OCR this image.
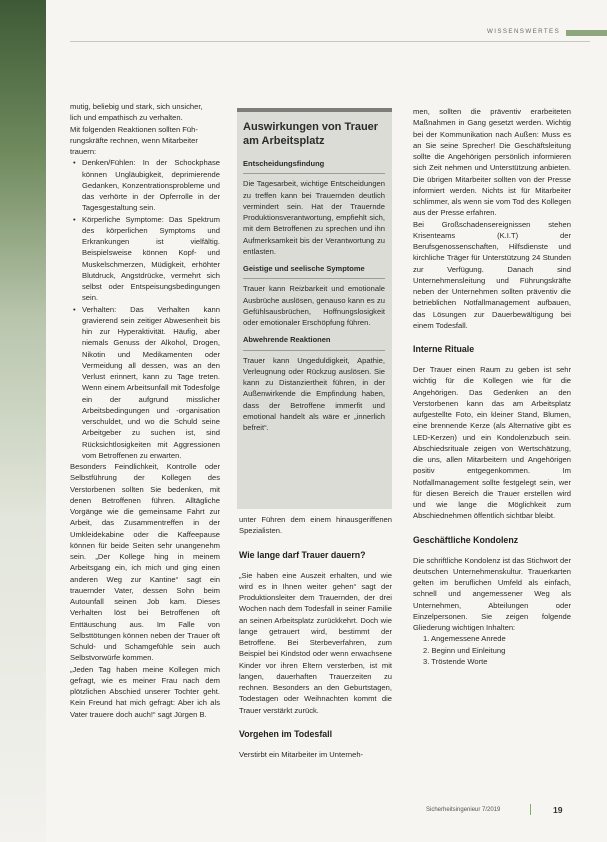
WISSENSWERTES

mutig, beliebig und stark, sich unsicher,

lich und empathisch zu verhalten.

Mit folgenden Reaktionen sollten Füh-

rungskräfte rechnen, wenn Mitarbeiter

trauern:

• Denken/Fühlen: In der Schockphase können Ungläubigkeit, deprimierende Gedanken, Konzentrationsprobleme und das verhörte in der Opferrolle in der Tagesgestaltung sein.
• Körperliche Symptome: Das Spektrum des körperlichen Symptoms und Erkrankungen ist vielfältig. Beispielsweise können Kopf- und Muskelschmerzen, Müdigkeit, erhöhter Blutdruck, Angstdrücke, vermehrt sich selbst oder Entspeisungsbedingungen sein.
• Verhalten: Das Verhalten kann gravierend sein zeitiger Abwesenheit bis hin zur Hyperaktivität. Häufig, aber niemals Genuss der Alkohol, Drogen, Nikotin und Medikamenten oder Vermeidung all dessen, was an den Verlust erinnert, kann zu Tage treten. Wenn einem Arbeitsunfall mit Todesfolge ein der aufgrund misslicher Arbeitsbedingungen und -organisation verschuldet, und wo die Schuld seine Arbeitgeber zu suchen ist, sind Rücksichtlosigkeiten mit Aggressionen vom Betroffenen zu erwarten.

Besonders Feindlichkeit, Kontrolle oder Selbstführung der Kollegen des Verstorbenen sollten Sie bedenken, mit denen Betroffenen führen. Alltägliche Vorgänge wie die gemeinsame Fahrt zur Arbeit, das Zusammentreffen in der Umkleidekabine oder die Kaffeepause können für beide Seiten sehr unangenehm sein. „Der Kollege hing in meinem Arbeitsgang ein, ich mich und ging einen anderen Weg zur Kantine“ sagt ein trauernder Vater, dessen Sohn beim Autounfall seinen Job kam. Dieses Verhalten löst bei Betroffenen oft Enttäuschung aus. Im Falle von Selbsttötungen können neben der Trauer oft Schuld- und Schamgefühle sein auch Selbstvorwürfe kommen.

„Jeden Tag haben meine Kollegen mich gefragt, wie es meiner Frau nach dem plötzlichen Abschied unserer Tochter geht. Kein Freund hat mich gefragt: Aber ich als Vater trauere doch auch!“ sagt Jürgen B.

Auswirkungen von Trauer am Arbeitsplatz
Entscheidungsfindung

Die Tagesarbeit, wichtige Entscheidungen zu treffen kann bei Trauernden deutlich vermindert sein. Hat der Trauernde Produktionsverantwortung, empfiehlt sich, mit dem Betroffenen zu sprechen und ihn Aufmerksamkeit bis der Verantwortung zu entlasten.

Geistige und seelische Symptome

Trauer kann Reizbarkeit und emotionale Ausbrüche auslösen, genauso kann es zu Gefühlsausbrüchen, Hoffnungslosigkeit oder emotionaler Erschöpfung führen.

Abwehrende Reaktionen

Trauer kann Ungeduldigkeit, Apathie, Verleugnung oder Rückzug auslösen. Sie kann zu Distanziertheit führen, in der Außenwirkende die Empfindung haben, dass der Betroffene immerfit und emotional handelt als wäre er „innerlich befreit“.

unter Führen dem einem hinausgeriffenen Spezialisten.

Wie lange darf Trauer dauern?

„Sie haben eine Auszeit erhalten, und wie wird es in Ihnen weiter gehen“ sagt der Produktionsleiter dem Trauernden, der drei Wochen nach dem Todesfall in seiner Familie an seinen Arbeitsplatz zurückkehrt. Doch wie lange getrauert wird, bestimmt der Betroffene. Bei Sterbeverfahren, zum Beispiel bei Kindstod oder wenn erwachsene Kinder vor ihren Eltern versterben, ist mit langen, dauerhaften Trauerzeiten zu rechnen. Besonders an den Geburtstagen, Todestagen oder Weihnachten kommt die Trauer verstärkt zurück.

Vorgehen im Todesfall

Verstirbt ein Mitarbeiter im Unterneh-

men, sollten die präventiv erarbeiteten Maßnahmen in Gang gesetzt werden. Wichtig bei der Kommunikation nach Außen: Muss es an Sie seine Sprecher! Die Geschäftsleitung sollte die Angehörigen persönlich informieren sich Zeit nehmen und Unterstützung anbieten. Die übrigen Mitarbeiter sollten von der Presse informiert werden. Nichts ist für Mitarbeiter schlimmer, als wenn sie vom Tod des Kollegen aus der Presse erfahren.

Bei Großschadensereignissen stehen Krisenteams (K.I.T) der Berufsgenossenschaften, Hilfsdienste und kirchliche Träger für Unterstützung 24 Stunden zur Verfügung. Danach sind Unternehmensleitung und Führungskräfte neben der Unternehmen sollten präventiv die betrieblichen Notfallmanagement aufbauen, das Lösungen zur Dauerbewältigung bei einem Todesfall.

Interne Rituale

Der Trauer einen Raum zu geben ist sehr wichtig für die Kollegen wie für die Angehörigen. Das Gedenken an den Verstorbenen kann das am Arbeitsplatz aufgestellte Foto, ein kleiner Stand, Blumen, eine brennende Kerze (als Alternative gibt es LED-Kerzen) und ein Kondolenzbuch sein. Abschiedsrituale zeigen von Wertschätzung, die uns, allen Mitarbeitern und Angehörigen positiv entgegenkommen. Im Notfallmanagement sollte festgelegt sein, wer für diesen Bereich die Trauer erstellen wird und wie lange die Möglichkeit zum Abschiednehmen öffentlich sichtbar bleibt.

Geschäftliche Kondolenz

Die schriftliche Kondolenz ist das Stichwort der deutschen Unternehmenskultur. Trauerkarten gelten im beruflichen Umfeld als einfach, schnell und angemessener Weg als Unternehmen, Abteilungen oder Einzelpersonen. Sie zeigen folgende Gliederung wichtigen Inhalten:

1. Angemessene Anrede
2. Beginn und Einleitung
3. Tröstende Worte
Sicherheitsingenieur 7/2019	19
